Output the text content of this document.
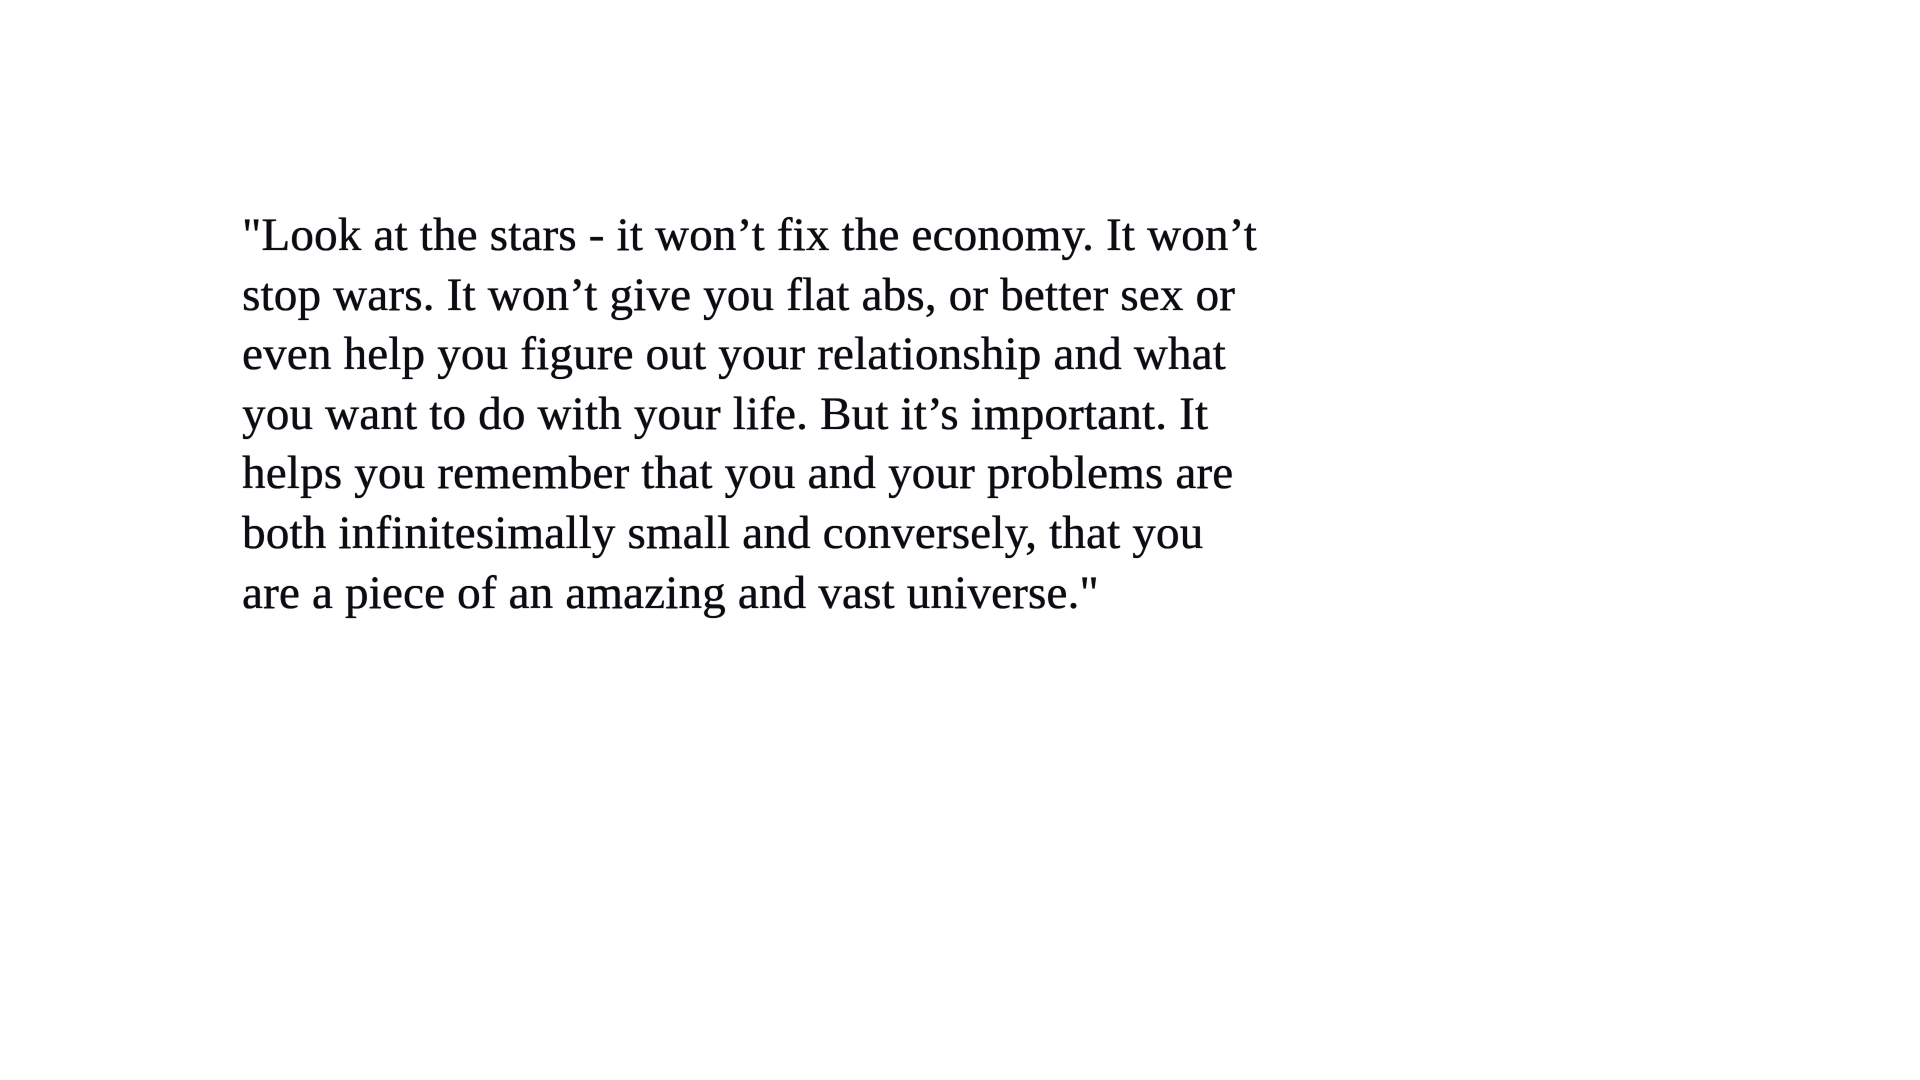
"Look at the stars - it won’t fix the economy. It won’t
stop wars. It won’t give you flat abs, or better sex or
even help you figure out your relationship and what
you want to do with your life. But it’s important. It
helps you remember that you and your problems are
both infinitesimally small and conversely, that you
are a piece of an amazing and vast universe."
